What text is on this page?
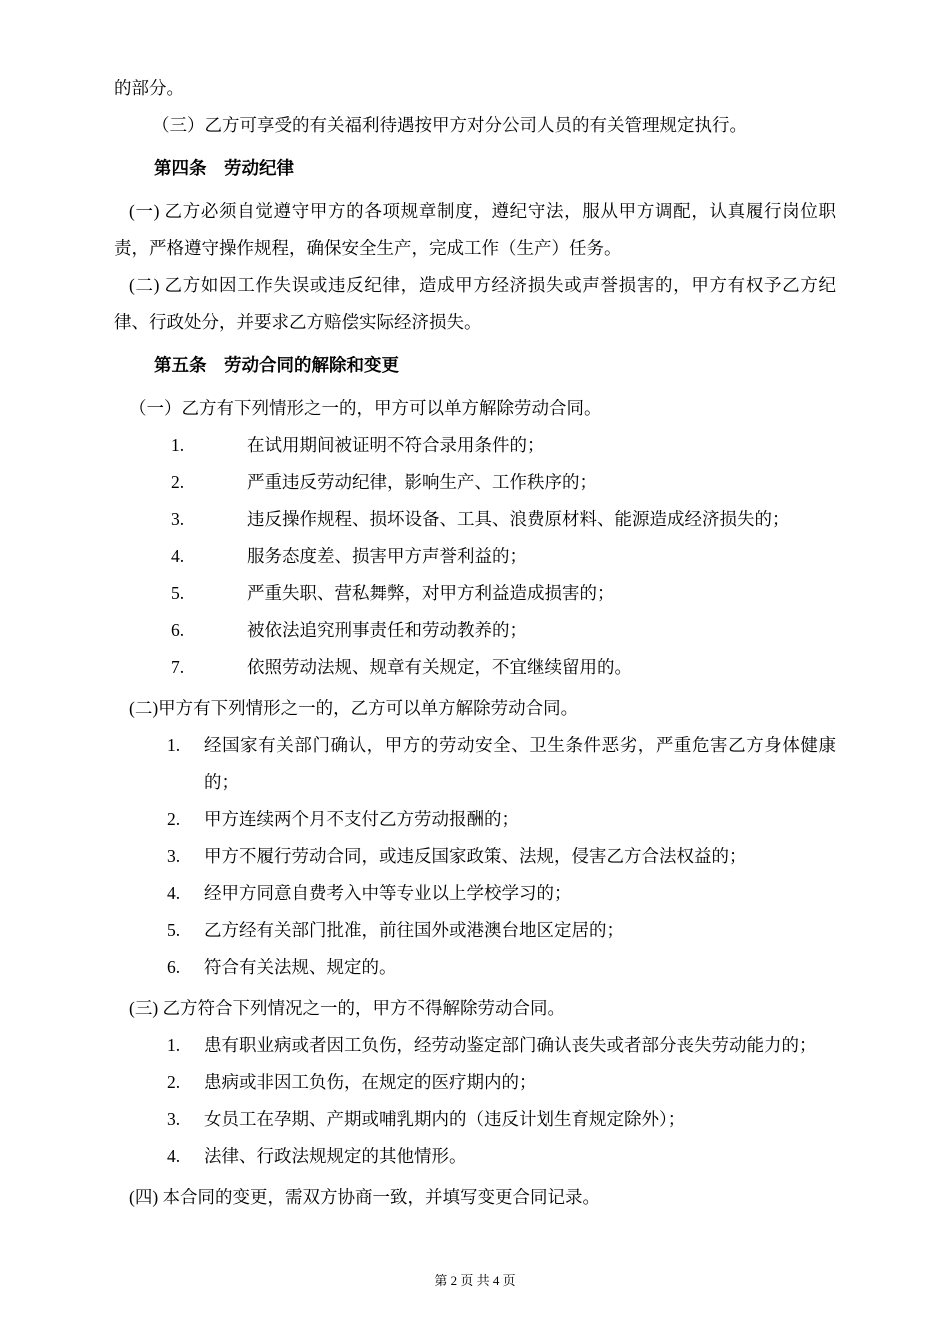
的部分。

（三）乙方可享受的有关福利待遇按甲方对分公司人员的有关管理规定执行。

第四条　劳动纪律

(一) 乙方必须自觉遵守甲方的各项规章制度，遵纪守法，服从甲方调配，认真履行岗位职责，严格遵守操作规程，确保安全生产，完成工作（生产）任务。

(二) 乙方如因工作失误或违反纪律，造成甲方经济损失或声誉损害的，甲方有权予乙方纪律、行政处分，并要求乙方赔偿实际经济损失。

第五条　劳动合同的解除和变更

（一）乙方有下列情形之一的，甲方可以单方解除劳动合同。

1.	在试用期间被证明不符合录用条件的；
2.	严重违反劳动纪律，影响生产、工作秩序的；
3.	违反操作规程、损坏设备、工具、浪费原材料、能源造成经济损失的；
4.	服务态度差、损害甲方声誉利益的；
5.	严重失职、营私舞弊，对甲方利益造成损害的；
6.	被依法追究刑事责任和劳动教养的；
7.	依照劳动法规、规章有关规定，不宜继续留用的。

(二)甲方有下列情形之一的，乙方可以单方解除劳动合同。

1.	经国家有关部门确认，甲方的劳动安全、卫生条件恶劣，严重危害乙方身体健康的；
2.	甲方连续两个月不支付乙方劳动报酬的；
3.	甲方不履行劳动合同，或违反国家政策、法规，侵害乙方合法权益的；
4.	经甲方同意自费考入中等专业以上学校学习的；
5.	乙方经有关部门批准，前往国外或港澳台地区定居的；
6.	符合有关法规、规定的。

(三) 乙方符合下列情况之一的，甲方不得解除劳动合同。

1.	患有职业病或者因工负伤，经劳动鉴定部门确认丧失或者部分丧失劳动能力的；
2.	患病或非因工负伤，在规定的医疗期内的；
3.	女员工在孕期、产期或哺乳期内的（违反计划生育规定除外）；
4.	法律、行政法规规定的其他情形。

(四) 本合同的变更，需双方协商一致，并填写变更合同记录。

第 2 页 共 4 页
